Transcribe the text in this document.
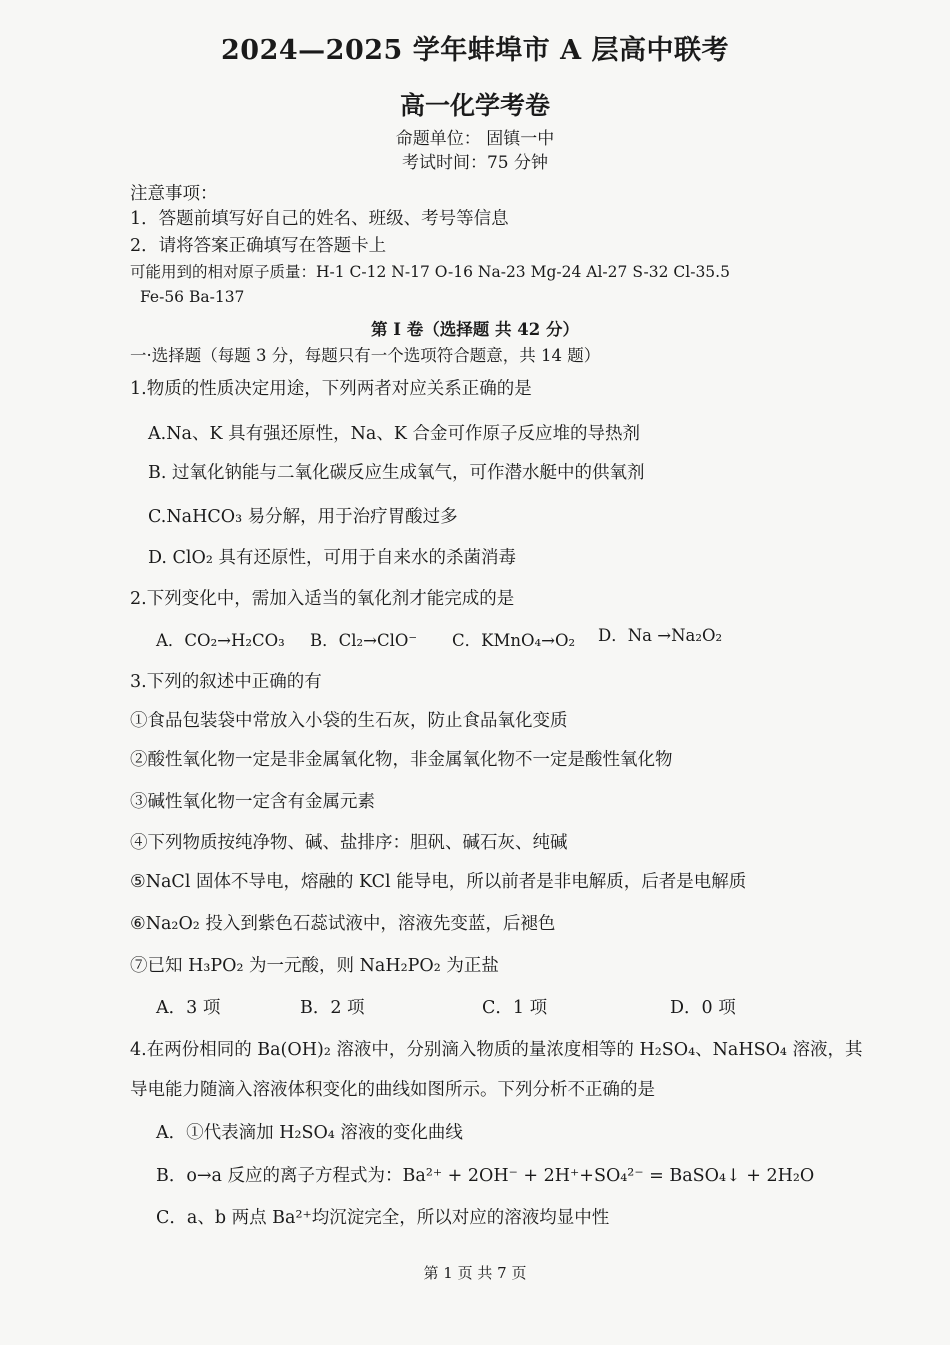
2024—2025 学年蚌埠市 A 层高中联考
高一化学考卷
命题单位： 固镇一中
考试时间：75 分钟
注意事项：
1．答题前填写好自己的姓名、班级、考号等信息
2．请将答案正确填写在答题卡上
可能用到的相对原子质量：H-1 C-12 N-17 O-16 Na-23 Mg-24 Al-27 S-32 Cl-35.5
Fe-56 Ba-137
第 I 卷（选择题 共 42 分）
一·选择题（每题 3 分，每题只有一个选项符合题意，共 14 题）
1.物质的性质决定用途，下列两者对应关系正确的是
A.Na、K 具有强还原性，Na、K 合金可作原子反应堆的导热剂
B. 过氧化钠能与二氧化碳反应生成氧气，可作潜水艇中的供氧剂
C.NaHCO₃ 易分解，用于治疗胃酸过多
D. ClO₂ 具有还原性，可用于自来水的杀菌消毒
2.下列变化中，需加入适当的氧化剂才能完成的是
A．CO₂→H₂CO₃ B．Cl₂→ClO⁻ C．KMnO₄→O₂ D．Na →Na₂O₂
3.下列的叙述中正确的有
①食品包装袋中常放入小袋的生石灰，防止食品氧化变质
②酸性氧化物一定是非金属氧化物，非金属氧化物不一定是酸性氧化物
③碱性氧化物一定含有金属元素
④下列物质按纯净物、碱、盐排序：胆矾、碱石灰、纯碱
⑤NaCl 固体不导电，熔融的 KCl 能导电，所以前者是非电解质，后者是电解质
⑥Na₂O₂ 投入到紫色石蕊试液中，溶液先变蓝，后褪色
⑦已知 H₃PO₂ 为一元酸，则 NaH₂PO₂ 为正盐
A．3 项	B．2 项	C．1 项	D．0 项
4.在两份相同的 Ba(OH)₂ 溶液中，分别滴入物质的量浓度相等的 H₂SO₄、NaHSO₄ 溶液，其
导电能力随滴入溶液体积变化的曲线如图所示。下列分析不正确的是
A．①代表滴加 H₂SO₄ 溶液的变化曲线
B．o→a 反应的离子方程式为：Ba²⁺ + 2OH⁻ + 2H⁺+SO₄²⁻ = BaSO₄↓ + 2H₂O
C．a、b 两点 Ba²⁺均沉淀完全，所以对应的溶液均显中性
第 1 页 共 7 页
